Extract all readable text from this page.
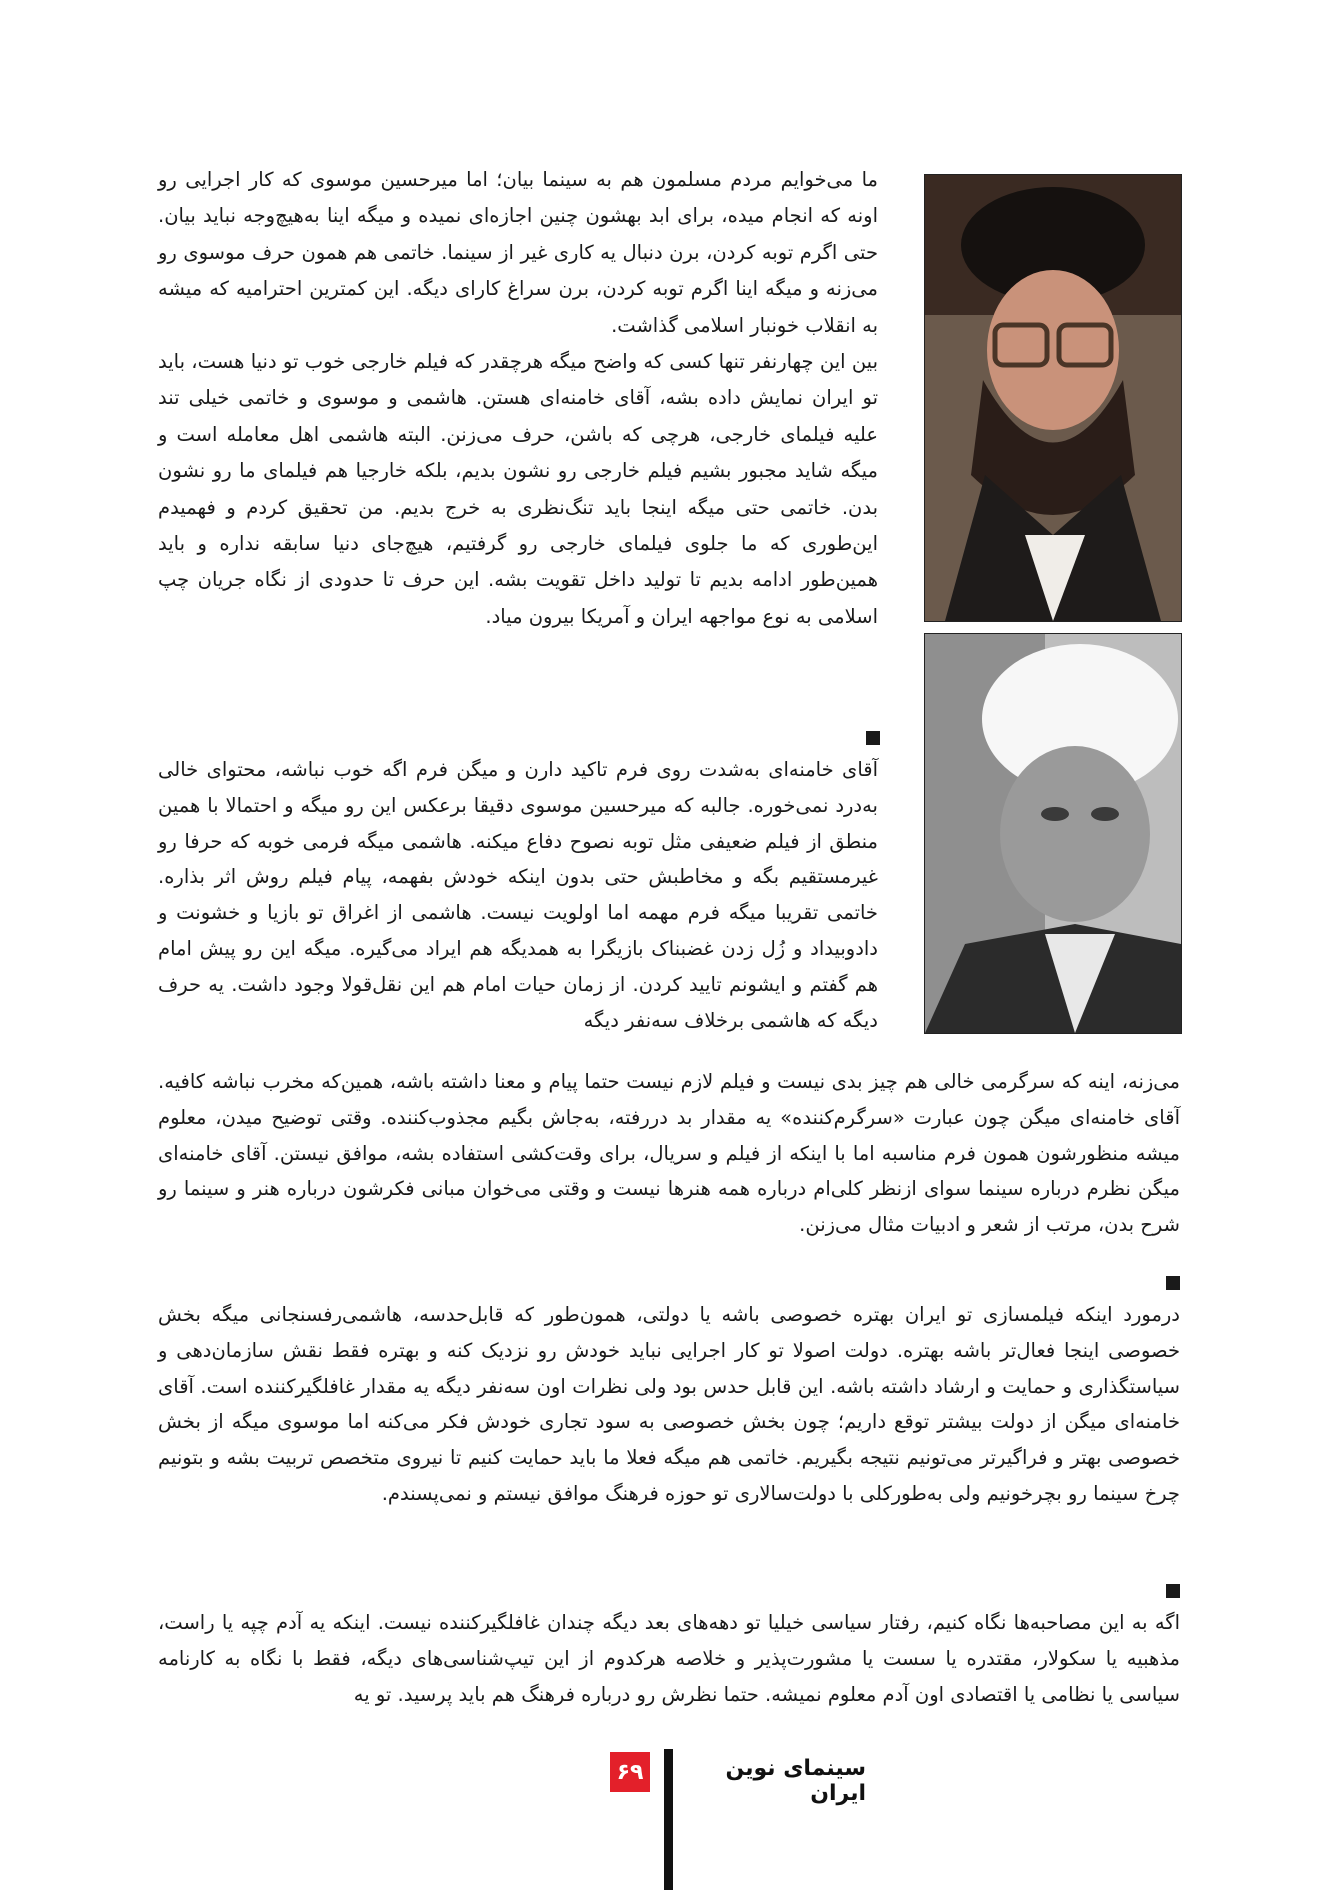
ما می‌خوایم مردم مسلمون هم به سینما بیان؛ اما میرحسین موسوی که کار اجرایی رو اونه که انجام میده، برای ابد بهشون چنین اجازه‌ای نمیده و میگه اینا به‌هیچ‌وجه نباید بیان. حتی اگرم توبه کردن، برن دنبال یه کاری غیر از سینما. خاتمی هم همون حرف موسوی رو می‌زنه و میگه اینا اگرم توبه کردن، برن سراغ کارای دیگه. این کمترین احترامیه که میشه به انقلاب خونبار اسلامی گذاشت.

بین این چهارنفر تنها کسی که واضح میگه هرچقدر که فیلم خارجی خوب تو دنیا هست، باید تو ایران نمایش داده بشه، آقای خامنه‌ای هستن. هاشمی و موسوی و خاتمی خیلی تند علیه فیلمای خارجی، هرچی که باشن، حرف می‌زنن. البته هاشمی اهل معامله است و میگه شاید مجبور بشیم فیلم خارجی رو نشون بدیم، بلکه خارجیا هم فیلمای ما رو نشون بدن. خاتمی حتی میگه اینجا باید تنگ‌نظری به خرج بدیم. من تحقیق کردم و فهمیدم این‌طوری که ما جلوی فیلمای خارجی رو گرفتیم، هیچ‌جای دنیا سابقه نداره و باید همین‌طور ادامه بدیم تا تولید داخل تقویت بشه. این حرف تا حدودی از نگاه جریان چپ اسلامی به نوع مواجهه ایران و آمریکا بیرون میاد.

آقای خامنه‌ای به‌شدت روی فرم تاکید دارن و میگن فرم اگه خوب نباشه، محتوای خالی به‌درد نمی‌خوره. جالبه که میرحسین موسوی دقیقا برعکس این رو میگه و احتمالا با همین منطق از فیلم ضعیفی مثل توبه نصوح دفاع میکنه. هاشمی میگه فرمی خوبه که حرفا رو غیرمستقیم بگه و مخاطبش حتی بدون اینکه خودش بفهمه، پیام فیلم روش اثر بذاره. خاتمی تقریبا میگه فرم مهمه اما اولویت نیست. هاشمی از اغراق تو بازیا و خشونت و دادوبیداد و زُل زدن غضبناک بازیگرا به همدیگه هم ایراد می‌گیره. میگه این رو پیش امام هم گفتم و ایشونم تایید کردن. از زمان حیات امام هم این نقل‌قولا وجود داشت. یه حرف دیگه که هاشمی برخلاف سه‌نفر دیگه

می‌زنه، اینه که سرگرمی خالی هم چیز بدی نیست و فیلم لازم نیست حتما پیام و معنا داشته باشه، همین‌که مخرب نباشه کافیه. آقای خامنه‌ای میگن چون عبارت «سرگرم‌کننده» یه مقدار بد دررفته، به‌جاش بگیم مجذوب‌کننده. وقتی توضیح میدن، معلوم میشه منظورشون همون فرم مناسبه اما با اینکه از فیلم و سریال، برای وقت‌کشی استفاده بشه، موافق نیستن. آقای خامنه‌ای میگن نظرم درباره سینما سوای ازنظر کلی‌ام درباره همه هنرها نیست و وقتی می‌خوان مبانی فکرشون درباره هنر و سینما رو شرح بدن، مرتب از شعر و ادبیات مثال می‌زنن.
درمورد اینکه فیلمسازی تو ایران بهتره خصوصی باشه یا دولتی، همون‌طور که قابل‌حدسه، هاشمی‌رفسنجانی میگه بخش خصوصی اینجا فعال‌تر باشه بهتره. دولت اصولا تو کار اجرایی نباید خودش رو نزدیک کنه و بهتره فقط نقش سازمان‌دهی و سیاستگذاری و حمایت و ارشاد داشته باشه. این قابل حدس بود ولی نظرات اون سه‌نفر دیگه یه مقدار غافلگیرکننده است. آقای خامنه‌ای میگن از دولت بیشتر توقع داریم؛ چون بخش خصوصی به سود تجاری خودش فکر می‌کنه اما موسوی میگه از بخش خصوصی بهتر و فراگیرتر می‌تونیم نتیجه بگیریم. خاتمی هم میگه فعلا ما باید حمایت کنیم تا نیروی متخصص تربیت بشه و بتونیم چرخ سینما رو بچرخونیم ولی به‌طورکلی با دولت‌سالاری تو حوزه فرهنگ موافق نیستم و نمی‌پسندم.
اگه به این مصاحبه‌ها نگاه کنیم، رفتار سیاسی خیلیا تو دهه‌های بعد دیگه چندان غافلگیرکننده نیست. اینکه یه آدم چپه یا راست، مذهبیه یا سکولار، مقتدره یا سست یا مشورت‌پذیر و خلاصه هرکدوم از این تیپ‌شناسی‌های دیگه، فقط با نگاه به کارنامه سیاسی یا نظامی یا اقتصادی اون آدم معلوم نمیشه. حتما نظرش رو درباره فرهنگ هم باید پرسید. تو یه
۶۹	سینمای نوین ایران
